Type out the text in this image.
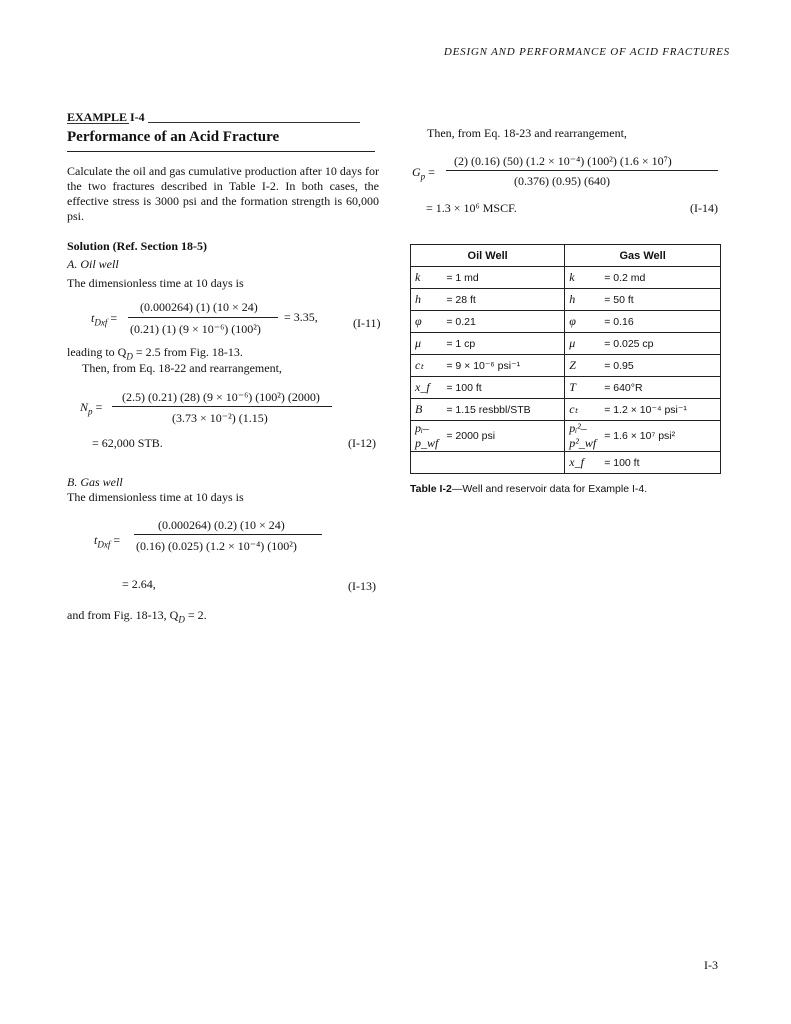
DESIGN AND PERFORMANCE OF ACID FRACTURES
EXAMPLE I-4
Performance of an Acid Fracture
Calculate the oil and gas cumulative production after 10 days for the two fractures described in Table I-2. In both cases, the effective stress is 3000 psi and the formation strength is 60,000 psi.
Solution (Ref. Section 18-5)
A. Oil well
The dimensionless time at 10 days is
$t_{Dxf}$ =
(0.000264) (1) (10 × 24)
(0.21) (1) (9 × 10⁻⁶) (100²)
= 3.35,	(I-11)
leading to $Q_D = 2.5$ from Fig. 18-13.
Then, from Eq. 18-22 and rearrangement,
$N_p$ =
(2.5) (0.21) (28) (9 × 10⁻⁶) (100²) (2000)
(3.73 × 10⁻²) (1.15)
= 62,000 STB.	(I-12)
B. Gas well
The dimensionless time at 10 days is
$t_{Dxf}$ =
(0.000264) (0.2) (10 × 24)
(0.16) (0.025) (1.2 × 10⁻⁴) (100²)
= 2.64,	(I-13)
and from Fig. 18-13, $Q_D = 2$.
Then, from Eq. 18-23 and rearrangement,
$G_p$ =
(2) (0.16) (50) (1.2 × 10⁻⁴) (100²) (1.6 × 10⁷)
(0.376) (0.95) (640)
= 1.3 × 10⁶ MSCF.	(I-14)
Oil Well		Gas Well	
k	= 1 md	k	= 0.2 md
h	= 28 ft	h	= 50 ft
φ	= 0.21	φ	= 0.16
μ	= 1 cp	μ	= 0.025 cp
cₜ	= 9 × 10⁻⁶ psi⁻¹	Z	= 0.95
x_f	= 100 ft	T	= 640°R
B	= 1.15 resbbl/STB	cₜ	= 1.2 × 10⁻⁴ psi⁻¹
pᵢ–p_wf	= 2000 psi	pᵢ²–p²_wf	= 1.6 × 10⁷ psi²
		x_f	= 100 ft
Table I-2—Well and reservoir data for Example I-4.
I-3
